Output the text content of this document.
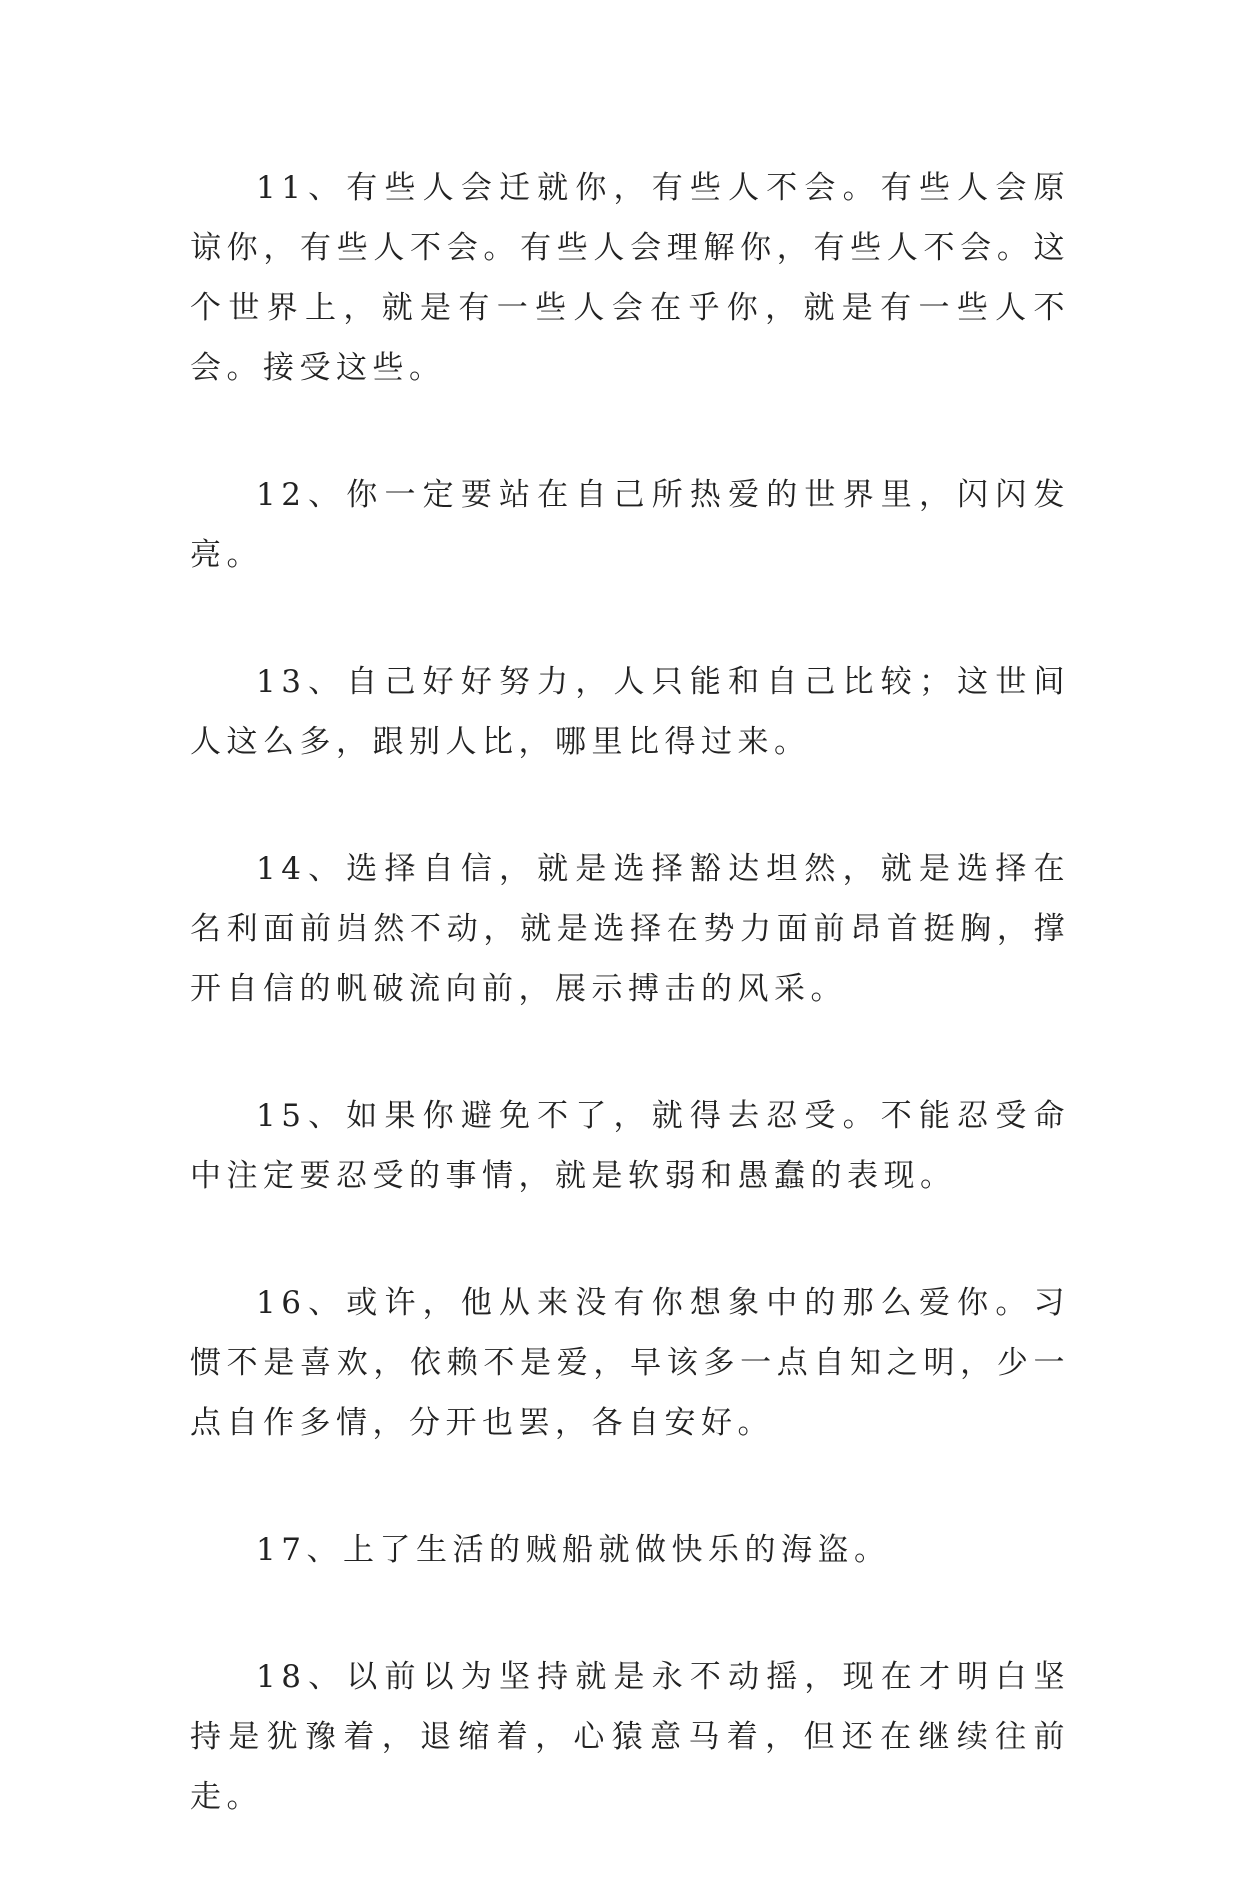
11、有些人会迁就你，有些人不会。有些人会原谅你，有些人不会。有些人会理解你，有些人不会。这个世界上，就是有一些人会在乎你，就是有一些人不会。接受这些。

12、你一定要站在自己所热爱的世界里，闪闪发亮。

13、自己好好努力，人只能和自己比较；这世间人这么多，跟别人比，哪里比得过来。

14、选择自信，就是选择豁达坦然，就是选择在名利面前岿然不动，就是选择在势力面前昂首挺胸，撑开自信的帆破流向前，展示搏击的风采。

15、如果你避免不了，就得去忍受。不能忍受命中注定要忍受的事情，就是软弱和愚蠢的表现。

16、或许，他从来没有你想象中的那么爱你。习惯不是喜欢，依赖不是爱，早该多一点自知之明，少一点自作多情，分开也罢，各自安好。

17、上了生活的贼船就做快乐的海盗。

18、以前以为坚持就是永不动摇，现在才明白坚持是犹豫着，退缩着，心猿意马着，但还在继续往前走。
